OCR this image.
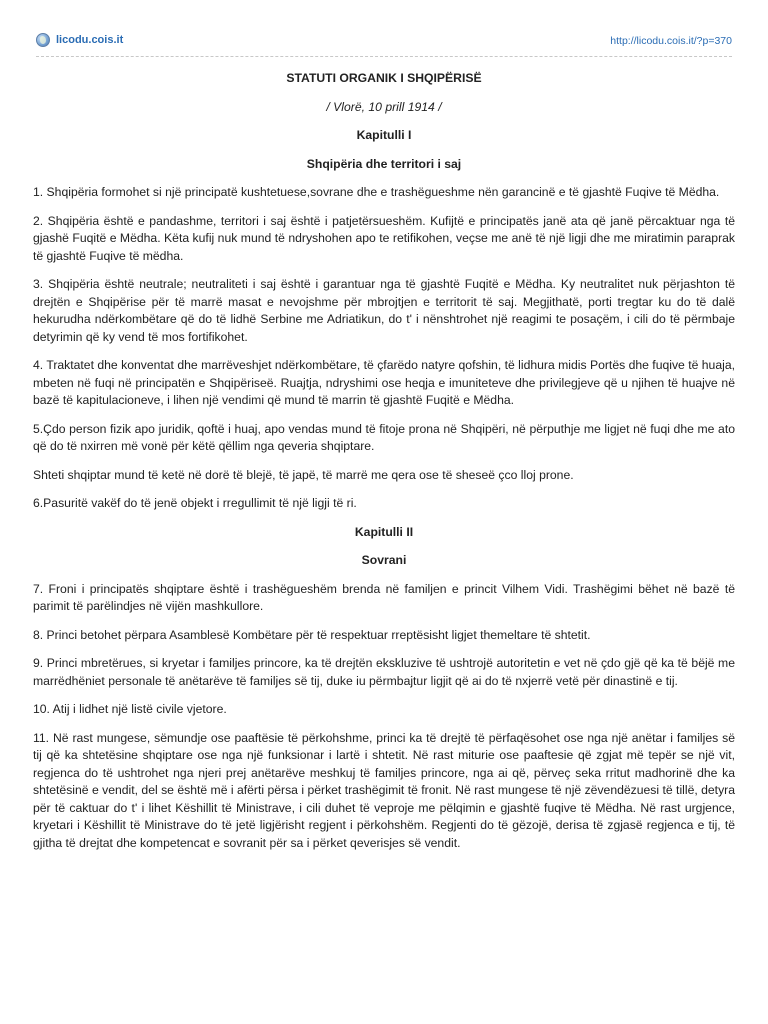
licodu.cois.it	http://licodu.cois.it/?p=370

STATUTI ORGANIK I SHQIPËRISË

/ Vlorë, 10 prill 1914 /

Kapitulli I

Shqipëria dhe territori i saj

1. Shqipëria formohet si një principatë kushtetuese,sovrane dhe e trashëgueshme nën garancinë e të gjashtë Fuqive të Mëdha.

2. Shqipëria është e pandashme, territori i saj është i patjetërsueshëm. Kufijtë e principatës janë ata që janë përcaktuar nga të gjashë Fuqitë e Mëdha. Këta kufij nuk mund të ndryshohen apo te retifikohen, veçse me anë të një ligji dhe me miratimin paraprak të gjashtë Fuqive të mëdha.

3. Shqipëria është neutrale; neutraliteti i saj është i garantuar nga të gjashtë Fuqitë e Mëdha. Ky neutralitet nuk përjashton të drejtën e Shqipërise për të marrë masat e nevojshme për mbrojtjen e territorit të saj. Megjithatë, porti tregtar ku do të dalë hekurudha ndërkombëtare që do të lidhë Serbine me Adriatikun, do t' i nënshtrohet një reagimi te posaçëm, i cili do të përmbaje detyrimin që ky vend të mos fortifikohet.

4. Traktatet dhe konventat dhe marrëveshjet ndërkombëtare, të çfarëdo natyre qofshin, të lidhura midis Portës dhe fuqive të huaja, mbeten në fuqi në principatën e Shqipërisеë. Ruajtja, ndryshimi ose heqja e imuniteteve dhe privilegjeve që u njihen të huajve në bazë të kapitulacioneve, i lihen një vendimi që mund të marrin të gjashtë Fuqitë e Mëdha.

5.Çdo person fizik apo juridik, qoftë i huaj, apo vendas mund të fitoje prona në Shqipëri, në përputhje me ligjet në fuqi dhe me ato që do të nxirren më vonë për këtë qëllim nga qeveria shqiptare.

Shteti shqiptar mund të ketë në dorë të blejë, të japë, të marrë me qera ose të sheseë çco lloj prone.

6.Pasuritë vakëf do të jenë objekt i rregullimit të një ligji të ri.

Kapitulli II

Sovrani

7. Froni i principatës shqiptare është i trashëgueshëm brenda në familjen e princit Vilhem Vidi. Trashëgimi bëhet në bazë të parimit të parëlindjes në vijën mashkullore.

8. Princi betohet përpara Asamblesë Kombëtare për të respektuar rreptësisht ligjet themeltare të shtetit.

9. Princi mbretërues, si kryetar i familjes princore, ka të drejtën ekskluzive të ushtrojë autoritetin e vet në çdo gjë që ka të bëjë me marrëdhëniet personale të anëtarëve të familjes së tij, duke iu përmbajtur ligjit që ai do të nxjerrë vetë për dinastinë e tij.

10. Atij i lidhet një listë civile vjetore.

11. Në rast mungese, sëmundje ose paaftësie të përkohshme, princi ka të drejtë të përfaqësohet ose nga një anëtar i familjes së tij që ka shtetësine shqiptare ose nga një funksionar i lartë i shtetit. Në rast miturie ose paaftesie që zgjat më tepër se një vit, regjenca do të ushtrohet nga njeri prej anëtarëve meshkuj të familjes princore, nga ai që, përveç seka rritut madhorinë dhe ka shtetësinë e vendit, del se është më i afërti përsa i përket trashëgimit të fronit. Në rast mungese të një zëvendëzuesi të tillë, detyra për të caktuar do t' i lihet Këshillit të Ministrave, i cili duhet të veproje me pëlqimin e gjashtë fuqive të Mëdha. Në rast urgjence, kryetari i Këshillit të Ministrave do të jetë ligjërisht regjent i përkohshëm. Regjenti do të gëzojë, derisa të zgjasë regjenca e tij, të gjitha të drejtat dhe kompetencat e sovranit për sa i përket qeverisjes së vendit.
